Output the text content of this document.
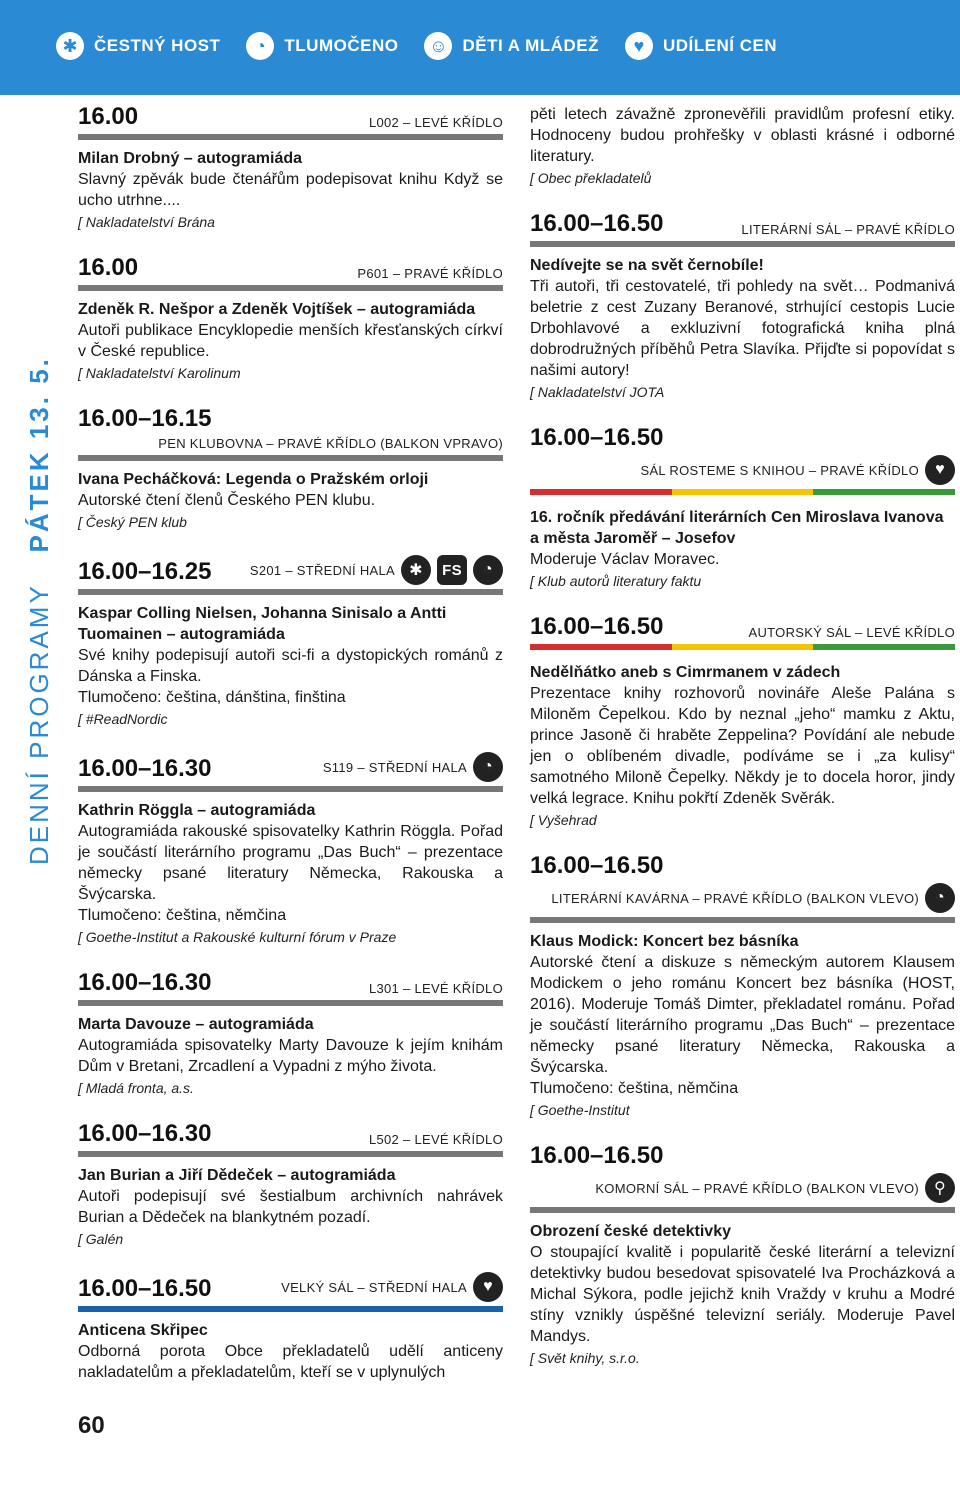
✱ ČESTNÝ HOST	◔	TLUMOČENO ☺ DĚTI A MLÁDEŽ	♥	UDÍLENÍ CEN
DENNÍ PROGRAMY   PÁTEK 13. 5.
16.00	L002 – LEVÉ KŘÍDLO
Milan Drobný – autogramiáda
Slavný zpěvák bude čtenářům podepisovat knihu Když se ucho utrhne....
[ Nakladatelství Brána
16.00	P601 – PRAVÉ KŘÍDLO
Zdeněk R. Nešpor a Zdeněk Vojtíšek – autogramiáda
Autoři publikace Encyklopedie menších křesťanských církví v České republice.
[ Nakladatelství Karolinum
16.00–16.15
PEN KLUBOVNA – PRAVÉ KŘÍDLO (BALKON VPRAVO)
Ivana Pecháčková: Legenda o Pražském orloji
Autorské čtení členů Českého PEN klubu.
[ Český PEN klub
16.00–16.25	S201 – STŘEDNÍ HALA ✱	FS	◔
Kaspar Colling Nielsen, Johanna Sinisalo a Antti Tuomainen – autogramiáda
Své knihy podepisují autoři sci-fi a dystopických románů z Dánska a Finska.
Tlumočeno: čeština, dánština, finština
[ #ReadNordic
16.00–16.30	S119 – STŘEDNÍ HALA	◔
Kathrin Röggla – autogramiáda
Autogramiáda rakouské spisovatelky Kathrin Röggla. Pořad je součástí literárního programu „Das Buch“ – prezentace německy psané literatury Německa, Rakouska a Švýcarska.
Tlumočeno: čeština, němčina
[ Goethe-Institut a Rakouské kulturní fórum v Praze
16.00–16.30	L301 – LEVÉ KŘÍDLO
Marta Davouze – autogramiáda
Autogramiáda spisovatelky Marty Davouze k jejím knihám Dům v Bretani, Zrcadlení a Vypadni z mýho života.
[ Mladá fronta, a.s.
16.00–16.30	L502 – LEVÉ KŘÍDLO
Jan Burian a Jiří Dědeček – autogramiáda
Autoři podepisují své šestialbum archivních nahrávek Burian a Dědeček na blankytném pozadí.
[ Galén
16.00–16.50	VELKÝ SÁL – STŘEDNÍ HALA	♥
Anticena Skřipec
Odborná porota Obce překladatelů udělí anticeny nakladatelům a překladatelům, kteří se v uplynulých
60
pěti letech závažně zpronevěřili pravidlům profesní etiky. Hodnoceny budou prohřešky v oblasti krásné i odborné literatury.
[ Obec překladatelů
16.00–16.50	LITERÁRNÍ SÁL – PRAVÉ KŘÍDLO
Nedívejte se na svět černobíle!
Tři autoři, tři cestovatelé, tři pohledy na svět… Podmanivá beletrie z cest Zuzany Beranové, strhující cestopis Lucie Drbohlavové a exkluzivní fotografická kniha plná dobrodružných příběhů Petra Slavíka. Přijďte si popovídat s našimi autory!
[ Nakladatelství JOTA
16.00–16.50
SÁL ROSTEME S KNIHOU – PRAVÉ KŘÍDLO	♥
16. ročník předávání literárních Cen Miroslava Ivanova a města Jaroměř – Josefov
Moderuje Václav Moravec.
[ Klub autorů literatury faktu
16.00–16.50	AUTORSKÝ SÁL – LEVÉ KŘÍDLO
Nedělňátko aneb s Cimrmanem v zádech
Prezentace knihy rozhovorů novináře Aleše Palána s Miloněm Čepelkou. Kdo by neznal „jeho“ mamku z Aktu, prince Jasoně či hraběte Zeppelina? Povídání ale nebude jen o oblíbeném divadle, podíváme se i „za kulisy“ samotného Miloně Čepelky. Někdy je to docela horor, jindy velká legrace. Knihu pokřtí Zdeněk Svěrák.
[ Vyšehrad
16.00–16.50
LITERÁRNÍ KAVÁRNA – PRAVÉ KŘÍDLO (BALKON VLEVO)	◔
Klaus Modick: Koncert bez básníka
Autorské čtení a diskuze s německým autorem Klausem Modickem o jeho románu Koncert bez básníka (HOST, 2016). Moderuje Tomáš Dimter, překladatel románu. Pořad je součástí literárního programu „Das Buch“ – prezentace německy psané literatury Německa, Rakouska a Švýcarska.
Tlumočeno: čeština, němčina
[ Goethe-Institut
16.00–16.50
KOMORNÍ SÁL – PRAVÉ KŘÍDLO (BALKON VLEVO) ⚲
Obrození české detektivky
O stoupající kvalitě i popularitě české literární a televizní detektivky budou besedovat spisovatelé Iva Procházková a Michal Sýkora, podle jejichž knih Vraždy v kruhu a Modré stíny vznikly úspěšné televizní seriály. Moderuje Pavel Mandys.
[ Svět knihy, s.r.o.
